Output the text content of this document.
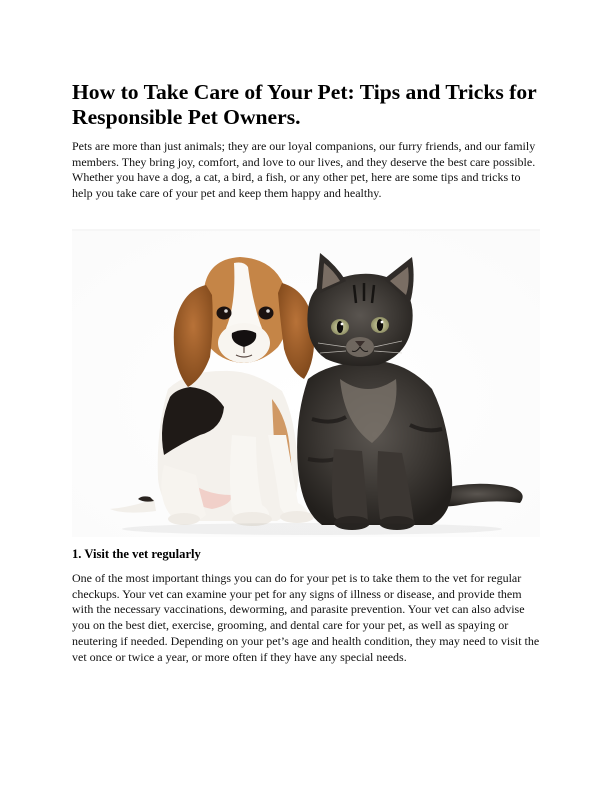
How to Take Care of Your Pet: Tips and Tricks for Responsible Pet Owners.

Pets are more than just animals; they are our loyal companions, our furry friends, and our family members. They bring joy, comfort, and love to our lives, and they deserve the best care possible. Whether you have a dog, a cat, a bird, a fish, or any other pet, here are some tips and tricks to help you take care of your pet and keep them happy and healthy.

1. Visit the vet regularly

One of the most important things you can do for your pet is to take them to the vet for regular checkups. Your vet can examine your pet for any signs of illness or disease, and provide them with the necessary vaccinations, deworming, and parasite prevention. Your vet can also advise you on the best diet, exercise, grooming, and dental care for your pet, as well as spaying or neutering if needed. Depending on your pet’s age and health condition, they may need to visit the vet once or twice a year, or more often if they have any special needs.
